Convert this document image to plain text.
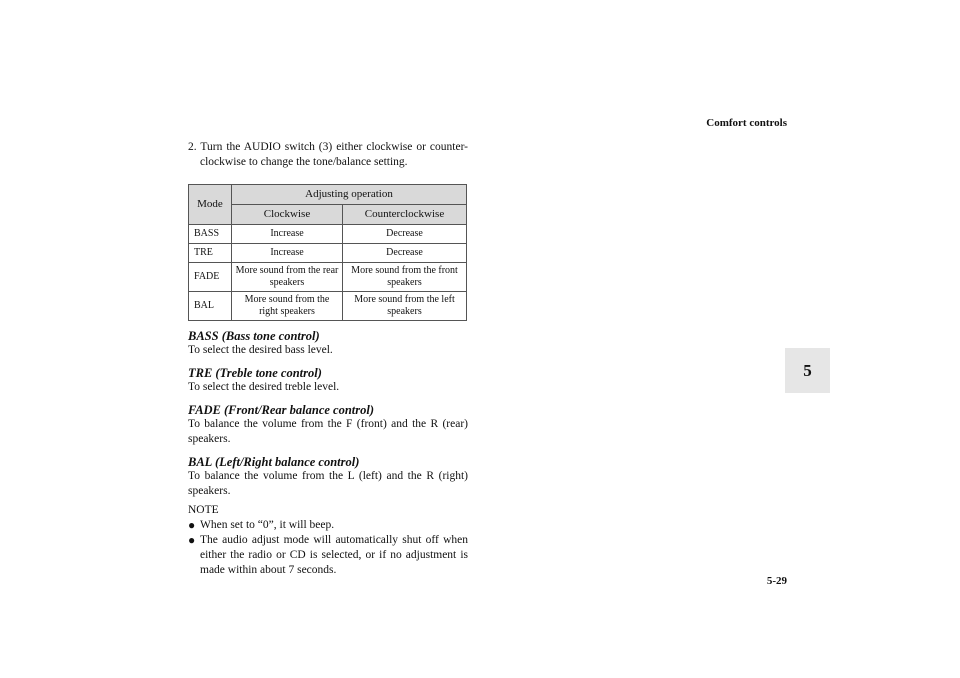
Comfort controls
5

2. Turn the AUDIO switch (3) either clockwise or counter-clockwise to change the tone/balance setting.

Mode	Adjusting operation	
	Clockwise	Counterclockwise
BASS	Increase	Decrease
TRE	Increase	Decrease
FADE	More sound from the rear speakers	More sound from the front speakers
BAL	More sound from the right speakers	More sound from the left speakers
BASS (Bass tone control)

To select the desired bass level.

TRE (Treble tone control)

To select the desired treble level.

FADE (Front/Rear balance control)

To balance the volume from the F (front) and the R (rear) speakers.

BAL (Left/Right balance control)

To balance the volume from the L (left) and the R (right) speakers.

NOTE

● When set to “0”, it will beep.
● The audio adjust mode will automatically shut off when either the radio or CD is selected, or if no adjustment is made within about 7 seconds.
5-29
